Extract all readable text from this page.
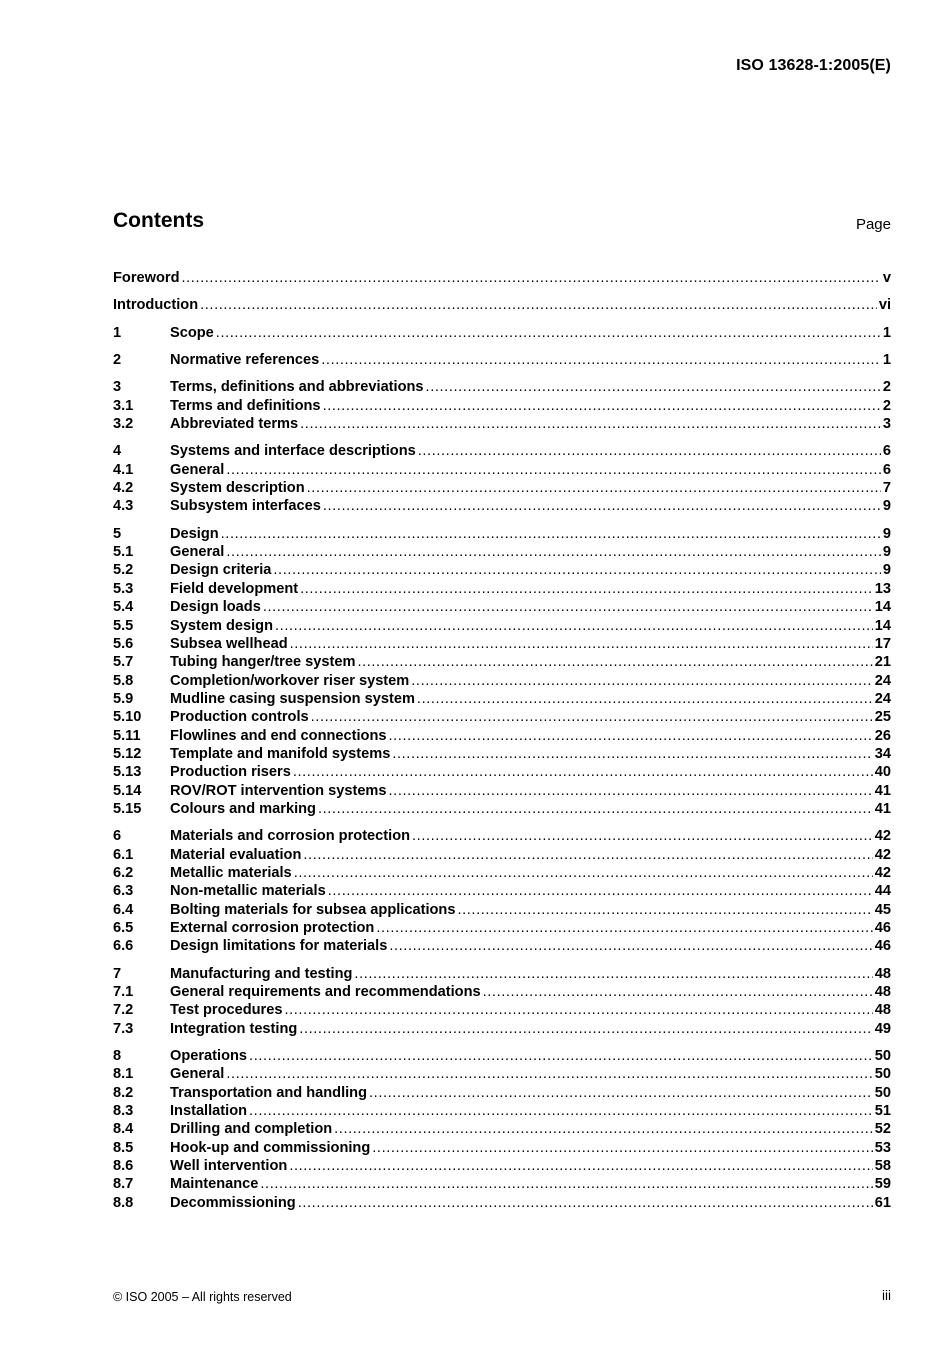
ISO 13628-1:2005(E)
Contents	Page
Foreword .....	v
Introduction .....	vi
1	Scope .....	1
2	Normative references .....	1
3	Terms, definitions and abbreviations .....	2
3.1	Terms and definitions .....	2
3.2	Abbreviated terms .....	3
4	Systems and interface descriptions .....	6
4.1	General .....	6
4.2	System description .....	7
4.3	Subsystem interfaces .....	9
5	Design .....	9
5.1	General .....	9
5.2	Design criteria .....	9
5.3	Field development .....	13
5.4	Design loads .....	14
5.5	System design .....	14
5.6	Subsea wellhead .....	17
5.7	Tubing hanger/tree system .....	21
5.8	Completion/workover riser system .....	24
5.9	Mudline casing suspension system .....	24
5.10	Production controls .....	25
5.11	Flowlines and end connections .....	26
5.12	Template and manifold systems .....	34
5.13	Production risers .....	40
5.14	ROV/ROT intervention systems .....	41
5.15	Colours and marking .....	41
6	Materials and corrosion protection .....	42
6.1	Material evaluation .....	42
6.2	Metallic materials .....	42
6.3	Non-metallic materials .....	44
6.4	Bolting materials for subsea applications .....	45
6.5	External corrosion protection .....	46
6.6	Design limitations for materials .....	46
7	Manufacturing and testing .....	48
7.1	General requirements and recommendations .....	48
7.2	Test procedures .....	48
7.3	Integration testing .....	49
8	Operations .....	50
8.1	General .....	50
8.2	Transportation and handling .....	50
8.3	Installation .....	51
8.4	Drilling and completion .....	52
8.5	Hook-up and commissioning .....	53
8.6	Well intervention .....	58
8.7	Maintenance .....	59
8.8	Decommissioning .....	61
© ISO 2005 – All rights reserved	iii
